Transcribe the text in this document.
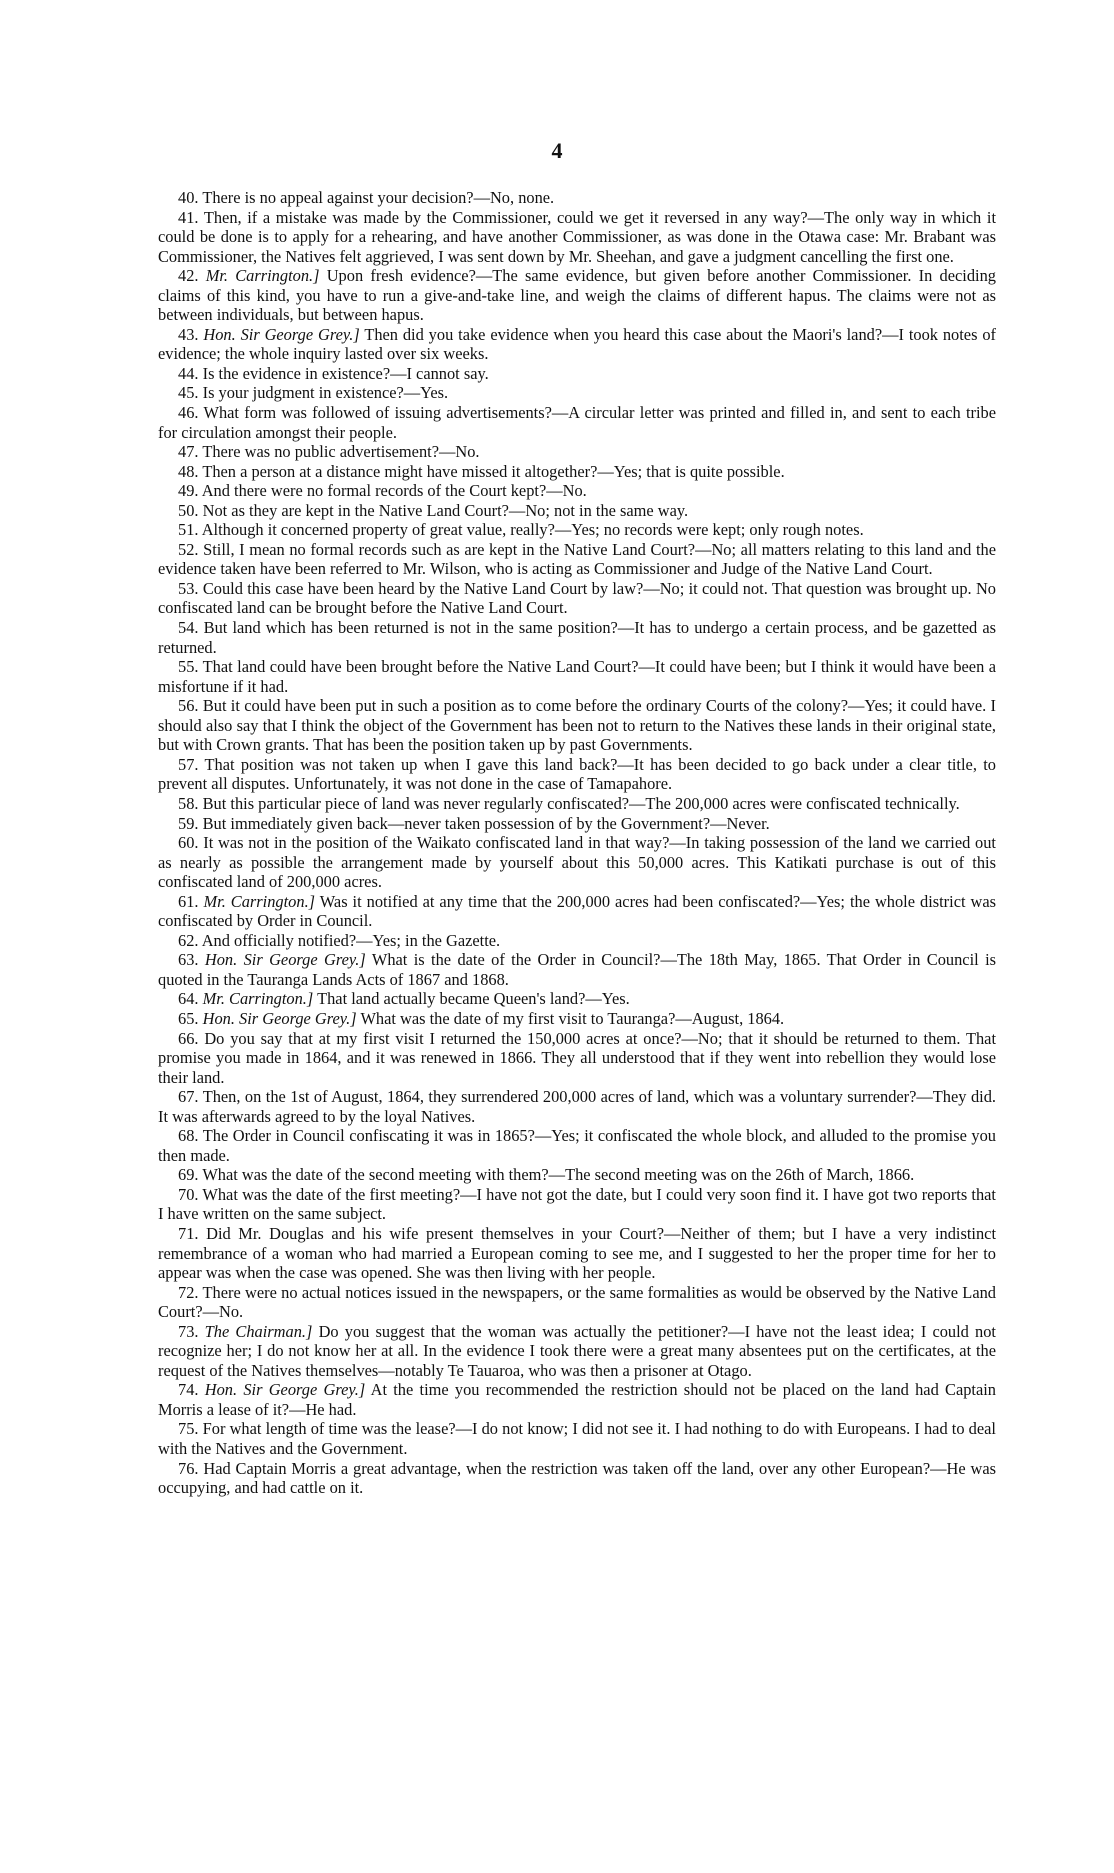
4

40. There is no appeal against your decision?—No, none.

41. Then, if a mistake was made by the Commissioner, could we get it reversed in any way?—The only way in which it could be done is to apply for a rehearing, and have another Commissioner, as was done in the Otawa case: Mr. Brabant was Commissioner, the Natives felt aggrieved, I was sent down by Mr. Sheehan, and gave a judgment cancelling the first one.

42. Mr. Carrington.] Upon fresh evidence?—The same evidence, but given before another Commissioner. In deciding claims of this kind, you have to run a give-and-take line, and weigh the claims of different hapus. The claims were not as between individuals, but between hapus.

43. Hon. Sir George Grey.] Then did you take evidence when you heard this case about the Maori's land?—I took notes of evidence; the whole inquiry lasted over six weeks.

44. Is the evidence in existence?—I cannot say.

45. Is your judgment in existence?—Yes.

46. What form was followed of issuing advertisements?—A circular letter was printed and filled in, and sent to each tribe for circulation amongst their people.

47. There was no public advertisement?—No.

48. Then a person at a distance might have missed it altogether?—Yes; that is quite possible.

49. And there were no formal records of the Court kept?—No.

50. Not as they are kept in the Native Land Court?—No; not in the same way.

51. Although it concerned property of great value, really?—Yes; no records were kept; only rough notes.

52. Still, I mean no formal records such as are kept in the Native Land Court?—No; all matters relating to this land and the evidence taken have been referred to Mr. Wilson, who is acting as Commissioner and Judge of the Native Land Court.

53. Could this case have been heard by the Native Land Court by law?—No; it could not. That question was brought up. No confiscated land can be brought before the Native Land Court.

54. But land which has been returned is not in the same position?—It has to undergo a certain process, and be gazetted as returned.

55. That land could have been brought before the Native Land Court?—It could have been; but I think it would have been a misfortune if it had.

56. But it could have been put in such a position as to come before the ordinary Courts of the colony?—Yes; it could have. I should also say that I think the object of the Government has been not to return to the Natives these lands in their original state, but with Crown grants. That has been the position taken up by past Governments.

57. That position was not taken up when I gave this land back?—It has been decided to go back under a clear title, to prevent all disputes. Unfortunately, it was not done in the case of Tamapahore.

58. But this particular piece of land was never regularly confiscated?—The 200,000 acres were confiscated technically.

59. But immediately given back—never taken possession of by the Government?—Never.

60. It was not in the position of the Waikato confiscated land in that way?—In taking possession of the land we carried out as nearly as possible the arrangement made by yourself about this 50,000 acres. This Katikati purchase is out of this confiscated land of 200,000 acres.

61. Mr. Carrington.] Was it notified at any time that the 200,000 acres had been confiscated?—Yes; the whole district was confiscated by Order in Council.

62. And officially notified?—Yes; in the Gazette.

63. Hon. Sir George Grey.] What is the date of the Order in Council?—The 18th May, 1865. That Order in Council is quoted in the Tauranga Lands Acts of 1867 and 1868.

64. Mr. Carrington.] That land actually became Queen's land?—Yes.

65. Hon. Sir George Grey.] What was the date of my first visit to Tauranga?—August, 1864.

66. Do you say that at my first visit I returned the 150,000 acres at once?—No; that it should be returned to them. That promise you made in 1864, and it was renewed in 1866. They all understood that if they went into rebellion they would lose their land.

67. Then, on the 1st of August, 1864, they surrendered 200,000 acres of land, which was a voluntary surrender?—They did. It was afterwards agreed to by the loyal Natives.

68. The Order in Council confiscating it was in 1865?—Yes; it confiscated the whole block, and alluded to the promise you then made.

69. What was the date of the second meeting with them?—The second meeting was on the 26th of March, 1866.

70. What was the date of the first meeting?—I have not got the date, but I could very soon find it. I have got two reports that I have written on the same subject.

71. Did Mr. Douglas and his wife present themselves in your Court?—Neither of them; but I have a very indistinct remembrance of a woman who had married a European coming to see me, and I suggested to her the proper time for her to appear was when the case was opened. She was then living with her people.

72. There were no actual notices issued in the newspapers, or the same formalities as would be observed by the Native Land Court?—No.

73. The Chairman.] Do you suggest that the woman was actually the petitioner?—I have not the least idea; I could not recognize her; I do not know her at all. In the evidence I took there were a great many absentees put on the certificates, at the request of the Natives themselves—notably Te Tauaroa, who was then a prisoner at Otago.

74. Hon. Sir George Grey.] At the time you recommended the restriction should not be placed on the land had Captain Morris a lease of it?—He had.

75. For what length of time was the lease?—I do not know; I did not see it. I had nothing to do with Europeans. I had to deal with the Natives and the Government.

76. Had Captain Morris a great advantage, when the restriction was taken off the land, over any other European?—He was occupying, and had cattle on it.
